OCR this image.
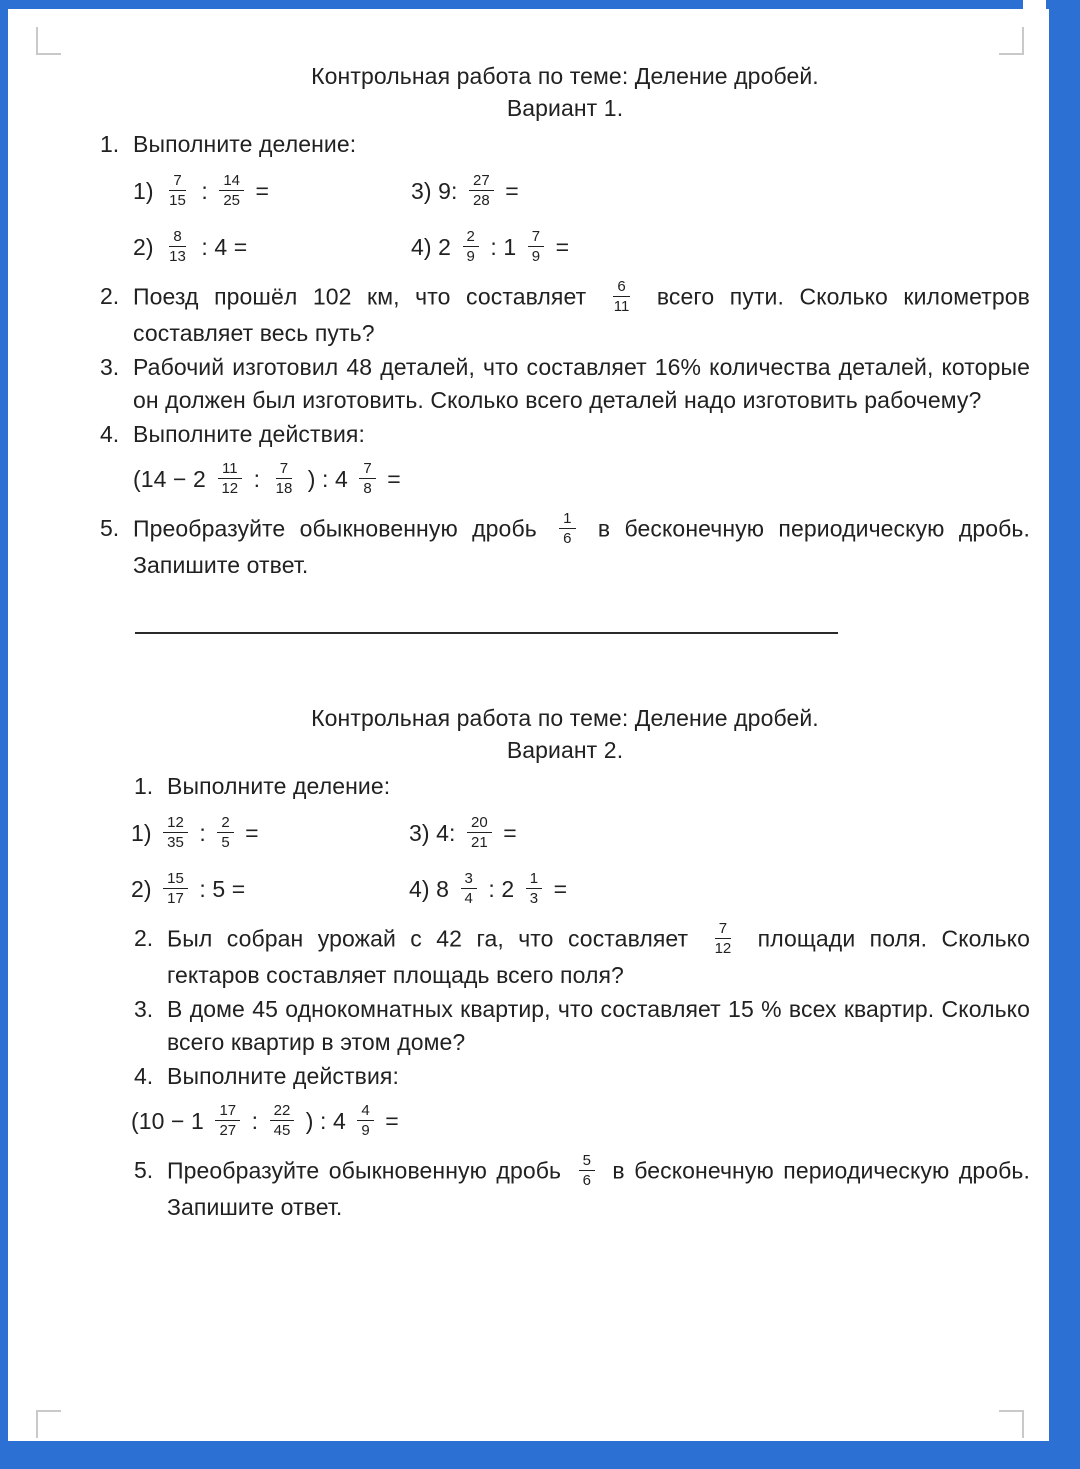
Контрольная работа по теме: Деление дробей.
Вариант 1.
1. Выполните деление:
$1) \frac{7}{15}$ : $\frac{14}{25}$ =	3) 9: $\frac{27}{28}$ =
$2) \frac{8}{13}$ : 4 =	4) $2 \frac{2}{9}$ : $1 \frac{7}{9}$ =
2. Поезд прошёл 102 км, что составляет $\frac{6}{11}$ всего пути. Сколько километров составляет весь путь?
3. Рабочий изготовил 48 деталей, что составляет 16% количества деталей, которые он должен был изготовить. Сколько всего деталей надо изготовить рабочему?
4. Выполните действия:
($14 - 2 \frac{11}{12}$ : $\frac{7}{18}$ ) : $4 \frac{7}{8}$ =
5. Преобразуйте обыкновенную дробь $\frac{1}{6}$ в бесконечную периодическую дробь. Запишите ответ.
Контрольная работа по теме: Деление дробей.
Вариант 2.
1. Выполните деление:
$1) \frac{12}{35}$ : $\frac{2}{5}$ =	3) 4: $\frac{20}{21}$ =
$2) \frac{15}{17}$ : 5 =	4) $8 \frac{3}{4}$ : $2 \frac{1}{3}$ =
2. Был собран урожай с 42 га, что составляет $\frac{7}{12}$ площади поля. Сколько гектаров составляет площадь всего поля?
3. В доме 45 однокомнатных квартир, что составляет 15 % всех квартир. Сколько всего квартир в этом доме?
4. Выполните действия:
($10 - 1 \frac{17}{27}$ : $\frac{22}{45}$ ) : $4 \frac{4}{9}$ =
5. Преобразуйте обыкновенную дробь $\frac{5}{6}$ в бесконечную периодическую дробь. Запишите ответ.
